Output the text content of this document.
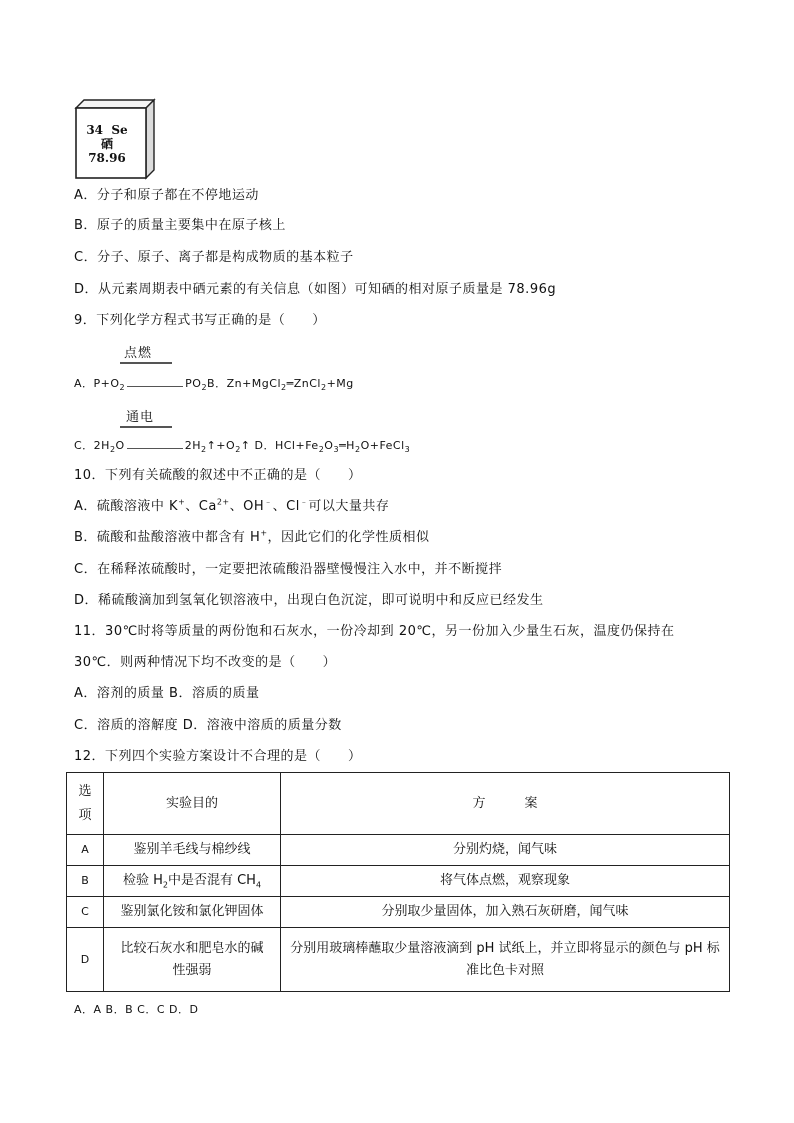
34 Se
硒
78.96
A．分子和原子都在不停地运动
B．原子的质量主要集中在原子核上
C．分子、原子、离子都是构成物质的基本粒子
D．从元素周期表中硒元素的有关信息（如图）可知硒的相对原子质量是 78.96g
9．下列化学方程式书写正确的是（　　）
点燃
A．$P+O_2$	$PO_2B$．Zn+MgCl$_2$═ZnCl$_2$+Mg
通电
C．$2H_2O$	$2H_2↑+O_2↑$ D．$HCl+Fe_2O_3═H_2O+FeCl_3$
10．下列有关硫酸的叙述中不正确的是（　　）
A．硫酸溶液中 K+、$Ca^{2+}$、OH﹣、Cl﹣可以大量共存
B．硫酸和盐酸溶液中都含有 H+，因此它们的化学性质相似
C．在稀释浓硫酸时，一定要把浓硫酸沿器壁慢慢注入水中，并不断搅拌
D．稀硫酸滴加到氢氧化钡溶液中，出现白色沉淀，即可说明中和反应已经发生
11．30℃时将等质量的两份饱和石灰水，一份冷却到 20℃，另一份加入少量生石灰，温度仍保持在
30℃．则两种情况下均不改变的是（　　）
A．溶剂的质量 B．溶质的质量
C．溶质的溶解度 D．溶液中溶质的质量分数
12．下列四个实验方案设计不合理的是（　　）
选项	实验目的	方　　　案
A	鉴别羊毛线与棉纱线	分别灼烧，闻气味
B	检验 $H_2$中是否混有 $CH_4$	将气体点燃，观察现象
C	鉴别氯化铵和氯化钾固体	分别取少量固体，加入熟石灰研磨，闻气味
D	比较石灰水和肥皂水的碱性强弱	分别用玻璃棒蘸取少量溶液滴到 pH 试纸上，并立即将显示的颜色与 pH 标准比色卡对照
A．A B．B C．C D．D
